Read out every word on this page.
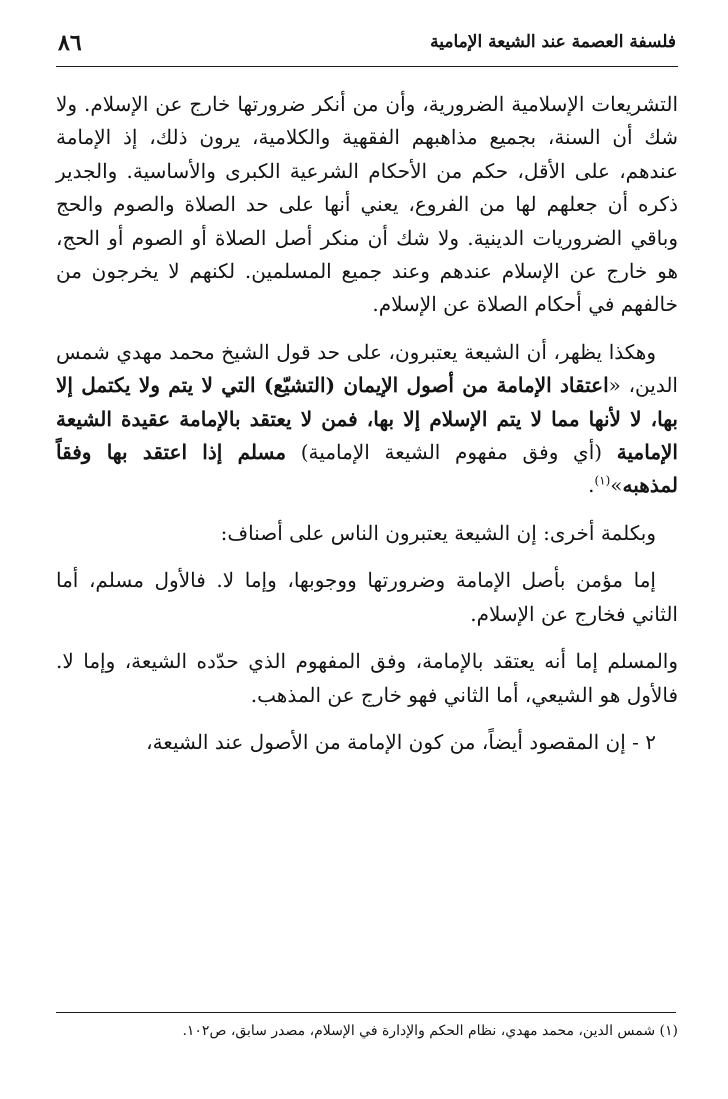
٨٦	فلسفة العصمة عند الشيعة الإمامية

التشريعات الإسلامية الضرورية، وأن من أنكر ضرورتها خارج عن الإسلام. ولا شك أن السنة، بجميع مذاهبهم الفقهية والكلامية، يرون ذلك، إذ الإمامة عندهم، على الأقل، حكم من الأحكام الشرعية الكبرى والأساسية. والجدير ذكره أن جعلهم لها من الفروع، يعني أنها على حد الصلاة والصوم والحج وباقي الضروريات الدينية. ولا شك أن منكر أصل الصلاة أو الصوم أو الحج، هو خارج عن الإسلام عندهم وعند جميع المسلمين. لكنهم لا يخرجون من خالفهم في أحكام الصلاة عن الإسلام.

وهكذا يظهر، أن الشيعة يعتبرون، على حد قول الشيخ محمد مهدي شمس الدين، «اعتقاد الإمامة من أصول الإيمان (التشيّع) التي لا يتم ولا يكتمل إلا بها، لا لأنها مما لا يتم الإسلام إلا بها، فمن لا يعتقد بالإمامة عقيدة الشيعة الإمامية (أي وفق مفهوم الشيعة الإمامية) مسلم إذا اعتقد بها وفقاً لمذهبه»$^{(١)}$.

وبكلمة أخرى: إن الشيعة يعتبرون الناس على أصناف:

إما مؤمن بأصل الإمامة وضرورتها ووجوبها، وإما لا. فالأول مسلم، أما الثاني فخارج عن الإسلام.

والمسلم إما أنه يعتقد بالإمامة، وفق المفهوم الذي حدّده الشيعة، وإما لا. فالأول هو الشيعي، أما الثاني فهو خارج عن المذهب.

٢ - إن المقصود أيضاً، من كون الإمامة من الأصول عند الشيعة،

(١) شمس الدين، محمد مهدي، نظام الحكم والإدارة في الإسلام، مصدر سابق، ص١٠٢.
